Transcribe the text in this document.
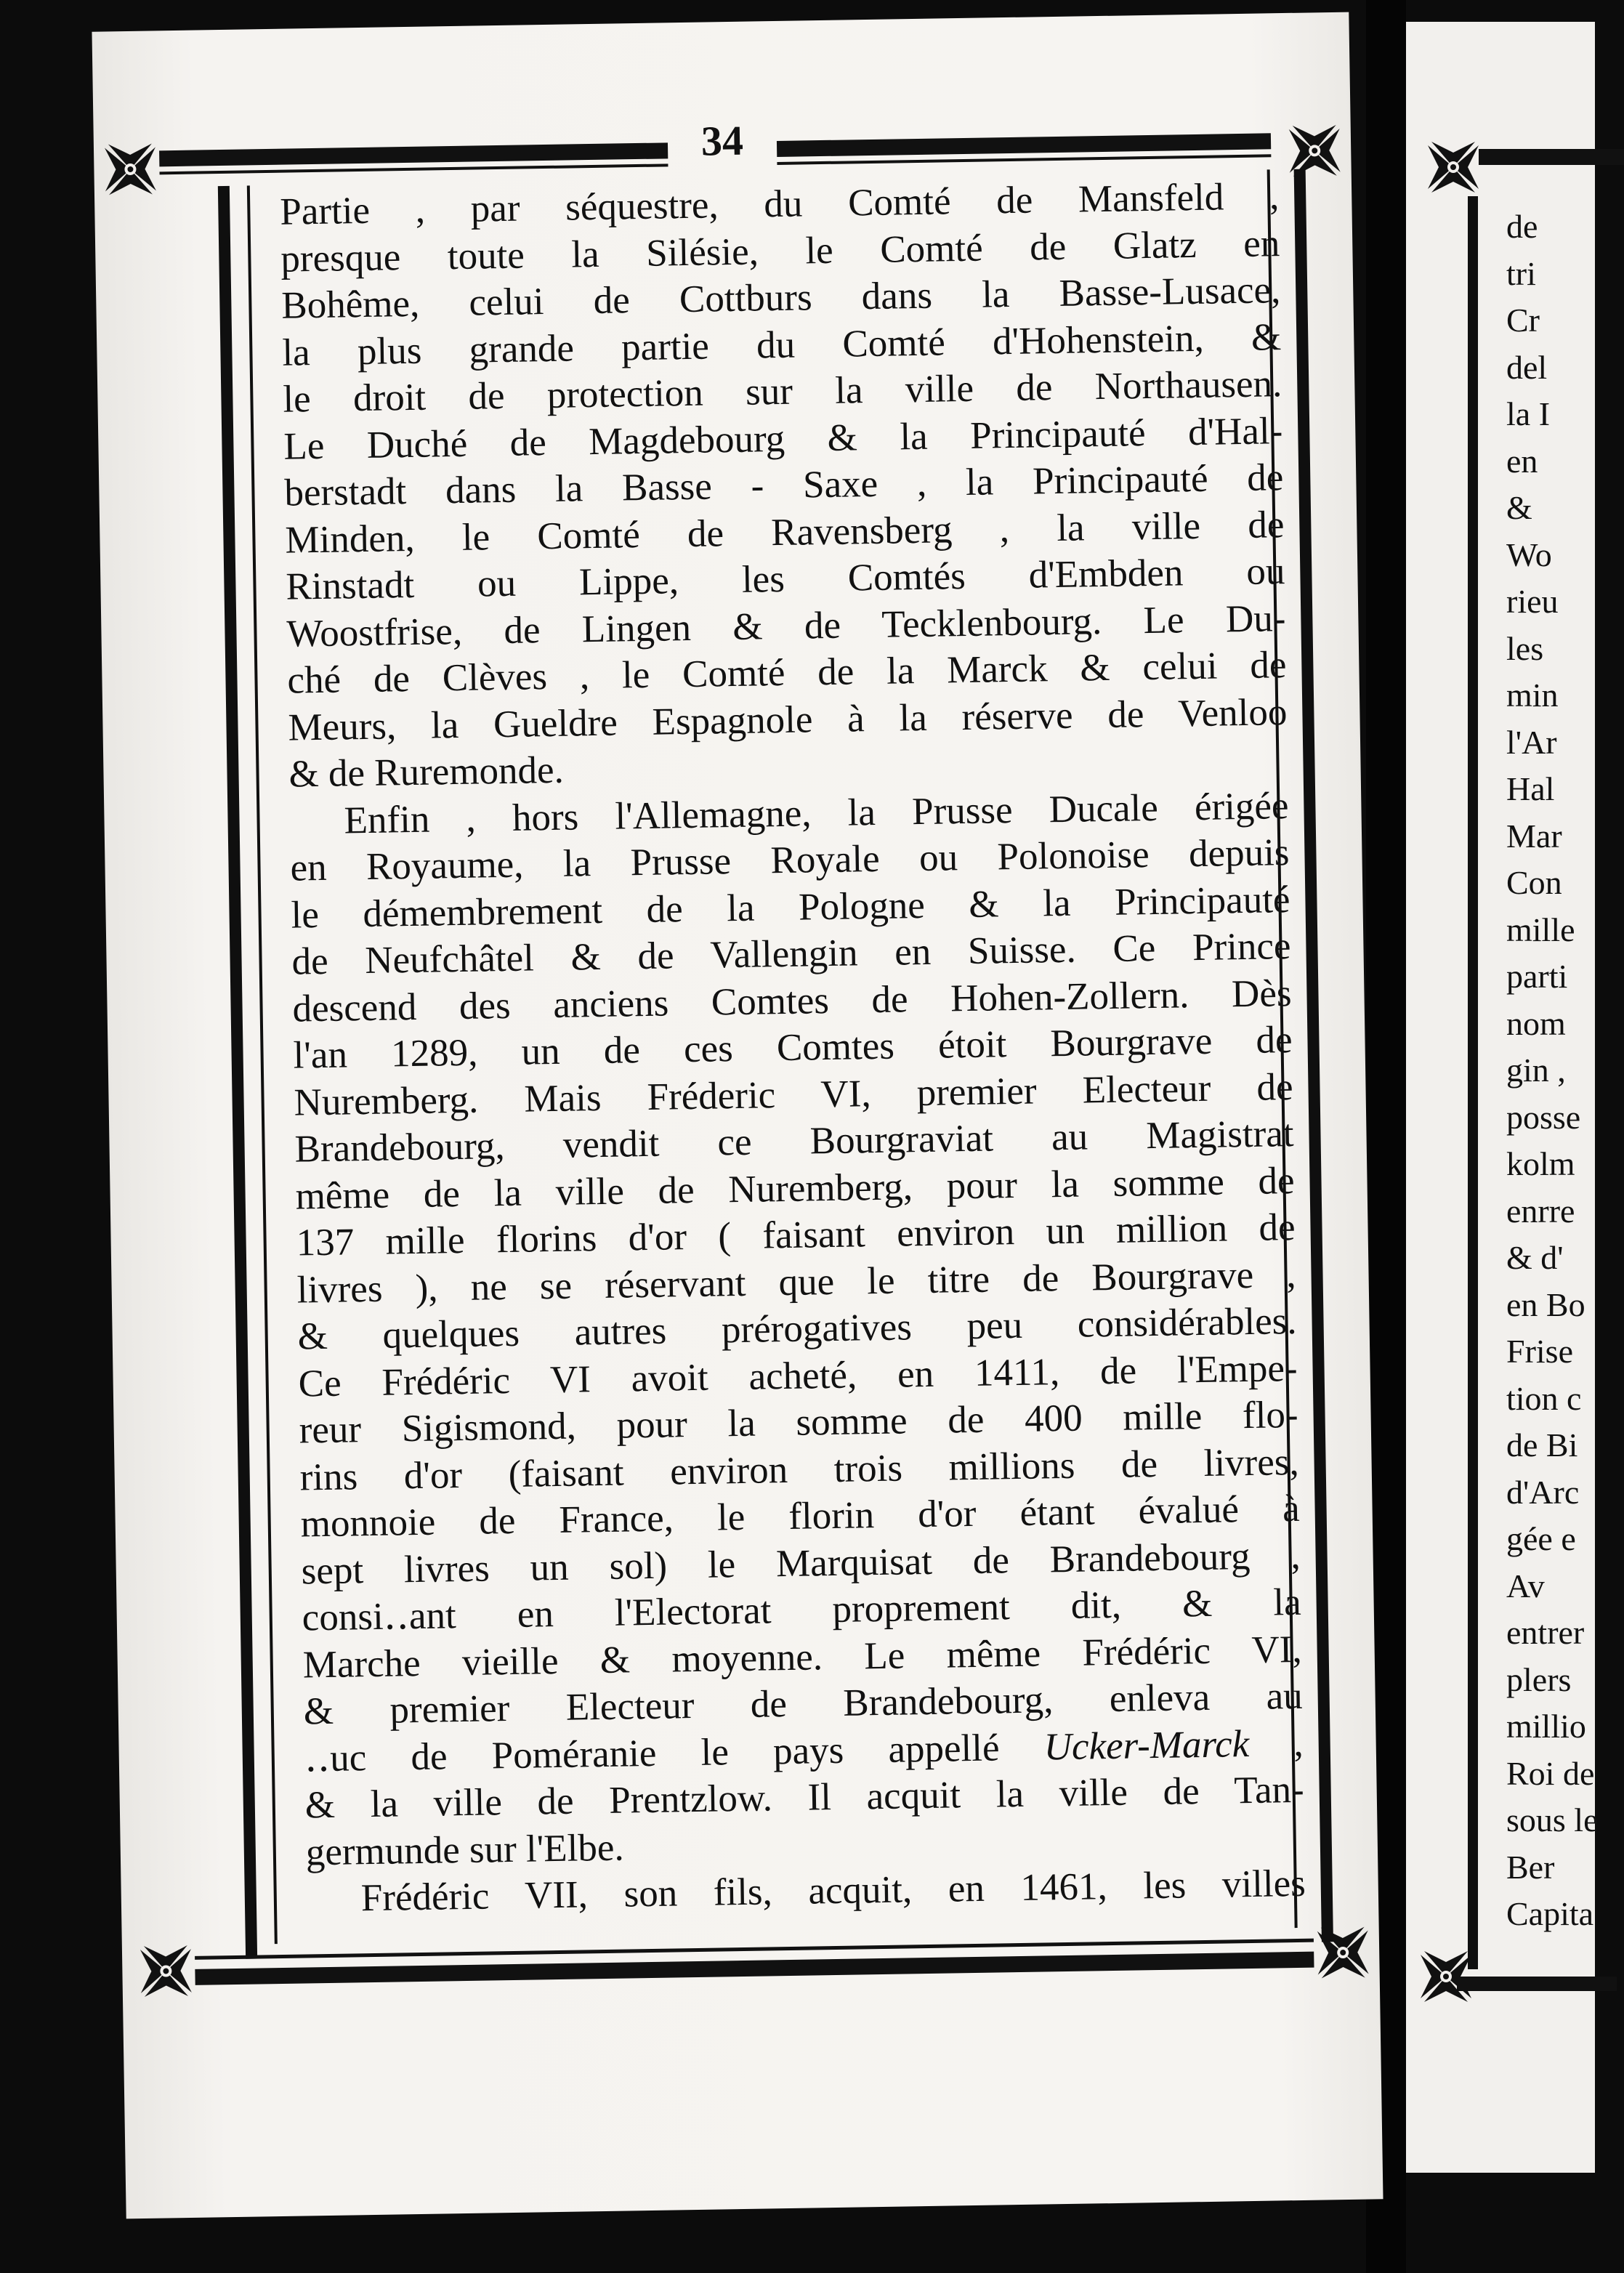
34
Partie , par séquestre, du Comté de Mansfeld ,
presque toute la Silésie, le Comté de Glatz en
Bohême, celui de Cottburs dans la Basse-Lusace,
la plus grande partie du Comté d'Hohenstein, &
le droit de protection sur la ville de Northausen.
Le Duché de Magdebourg & la Principauté d'Hal-
berstadt dans la Basse - Saxe , la Principauté de
Minden, le Comté de Ravensberg , la ville de
Rinstadt ou Lippe, les Comtés d'Embden ou
Woostfrise, de Lingen & de Tecklenbourg. Le Du-
ché de Clèves , le Comté de la Marck & celui de
Meurs, la Gueldre Espagnole à la réserve de Venloo
& de Ruremonde.
Enfin , hors l'Allemagne, la Prusse Ducale érigée
en Royaume, la Prusse Royale ou Polonoise depuis
le démembrement de la Pologne & la Principauté
de Neufchâtel & de Vallengin en Suisse. Ce Prince
descend des anciens Comtes de Hohen-Zollern. Dès
l'an 1289, un de ces Comtes étoit Bourgrave de
Nuremberg. Mais Fréderic VI, premier Electeur de
Brandebourg, vendit ce Bourgraviat au Magistrat
même de la ville de Nuremberg, pour la somme de
137 mille florins d'or ( faisant environ un million de
livres ), ne se réservant que le titre de Bourgrave ,
& quelques autres prérogatives peu considérables.
Ce Frédéric VI avoit acheté, en 1411, de l'Empe-
reur Sigismond, pour la somme de 400 mille flo-
rins d'or (faisant environ trois millions de livres,
monnoie de France, le florin d'or étant évalué à
sept livres un sol) le Marquisat de Brandebourg ,
consi‥ant en l'Electorat proprement dit, & la
Marche vieille & moyenne. Le même Frédéric VI,
& premier Electeur de Brandebourg, enleva au
‥uc de Poméranie le pays appellé Ucker-Marck ,
& la ville de Prentzlow. Il acquit la ville de Tan-
germunde sur l'Elbe.
Frédéric VII, son fils, acquit, en 1461, les villes
de
tri
Cr
del
la I
en
&
Wo
rieu
les
min
l'Ar
Hal
Mar
Con
mille
parti
nom
gin ,
posse
kolm
enrre
& d'
en Bo
Frise
tion c
de Bi
d'Arc
gée e
Av
entrer
plers
millio
Roi de
sous le
Ber
Capita
